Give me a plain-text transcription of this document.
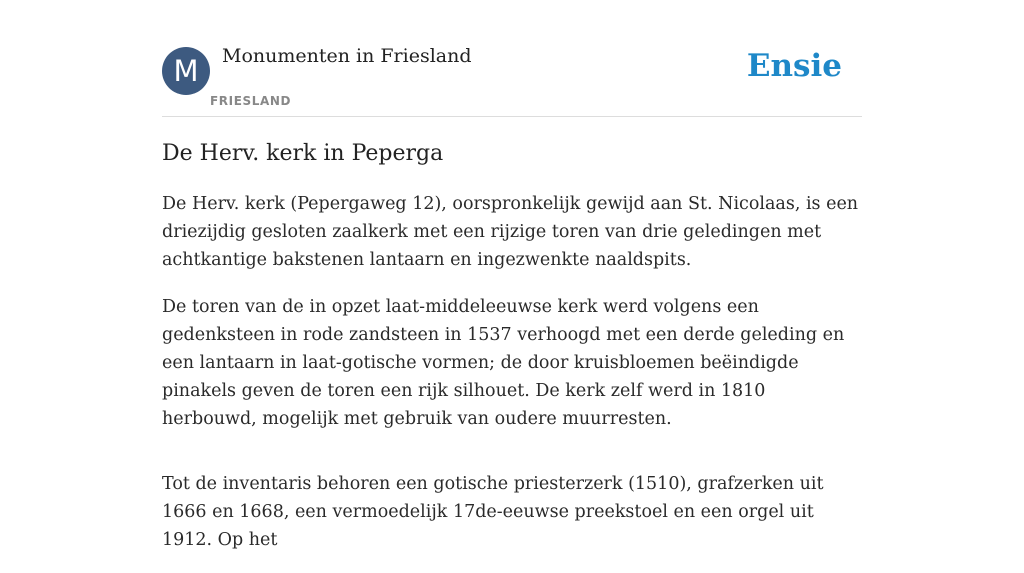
M	Monumenten in Friesland
FRIESLAND
Ensie
De Herv. kerk in Peperga

De Herv. kerk (Pepergaweg 12), oorspronkelijk gewijd aan St. Nicolaas, is een driezijdig gesloten zaalkerk met een rijzige toren van drie geledingen met achtkantige bakstenen lantaarn en ingezwenkte naaldspits.

De toren van de in opzet laat-middeleeuwse kerk werd volgens een gedenksteen in rode zandsteen in 1537 verhoogd met een derde geleding en een lantaarn in laat-gotische vormen; de door kruisbloemen beëindigde pinakels geven de toren een rijk silhouet. De kerk zelf werd in 1810 herbouwd, mogelijk met gebruik van oudere muurresten.

Tot de inventaris behoren een gotische priesterzerk (1510), grafzerken uit 1666 en 1668, een vermoedelijk 17de-eeuwse preekstoel en een orgel uit 1912. Op het
